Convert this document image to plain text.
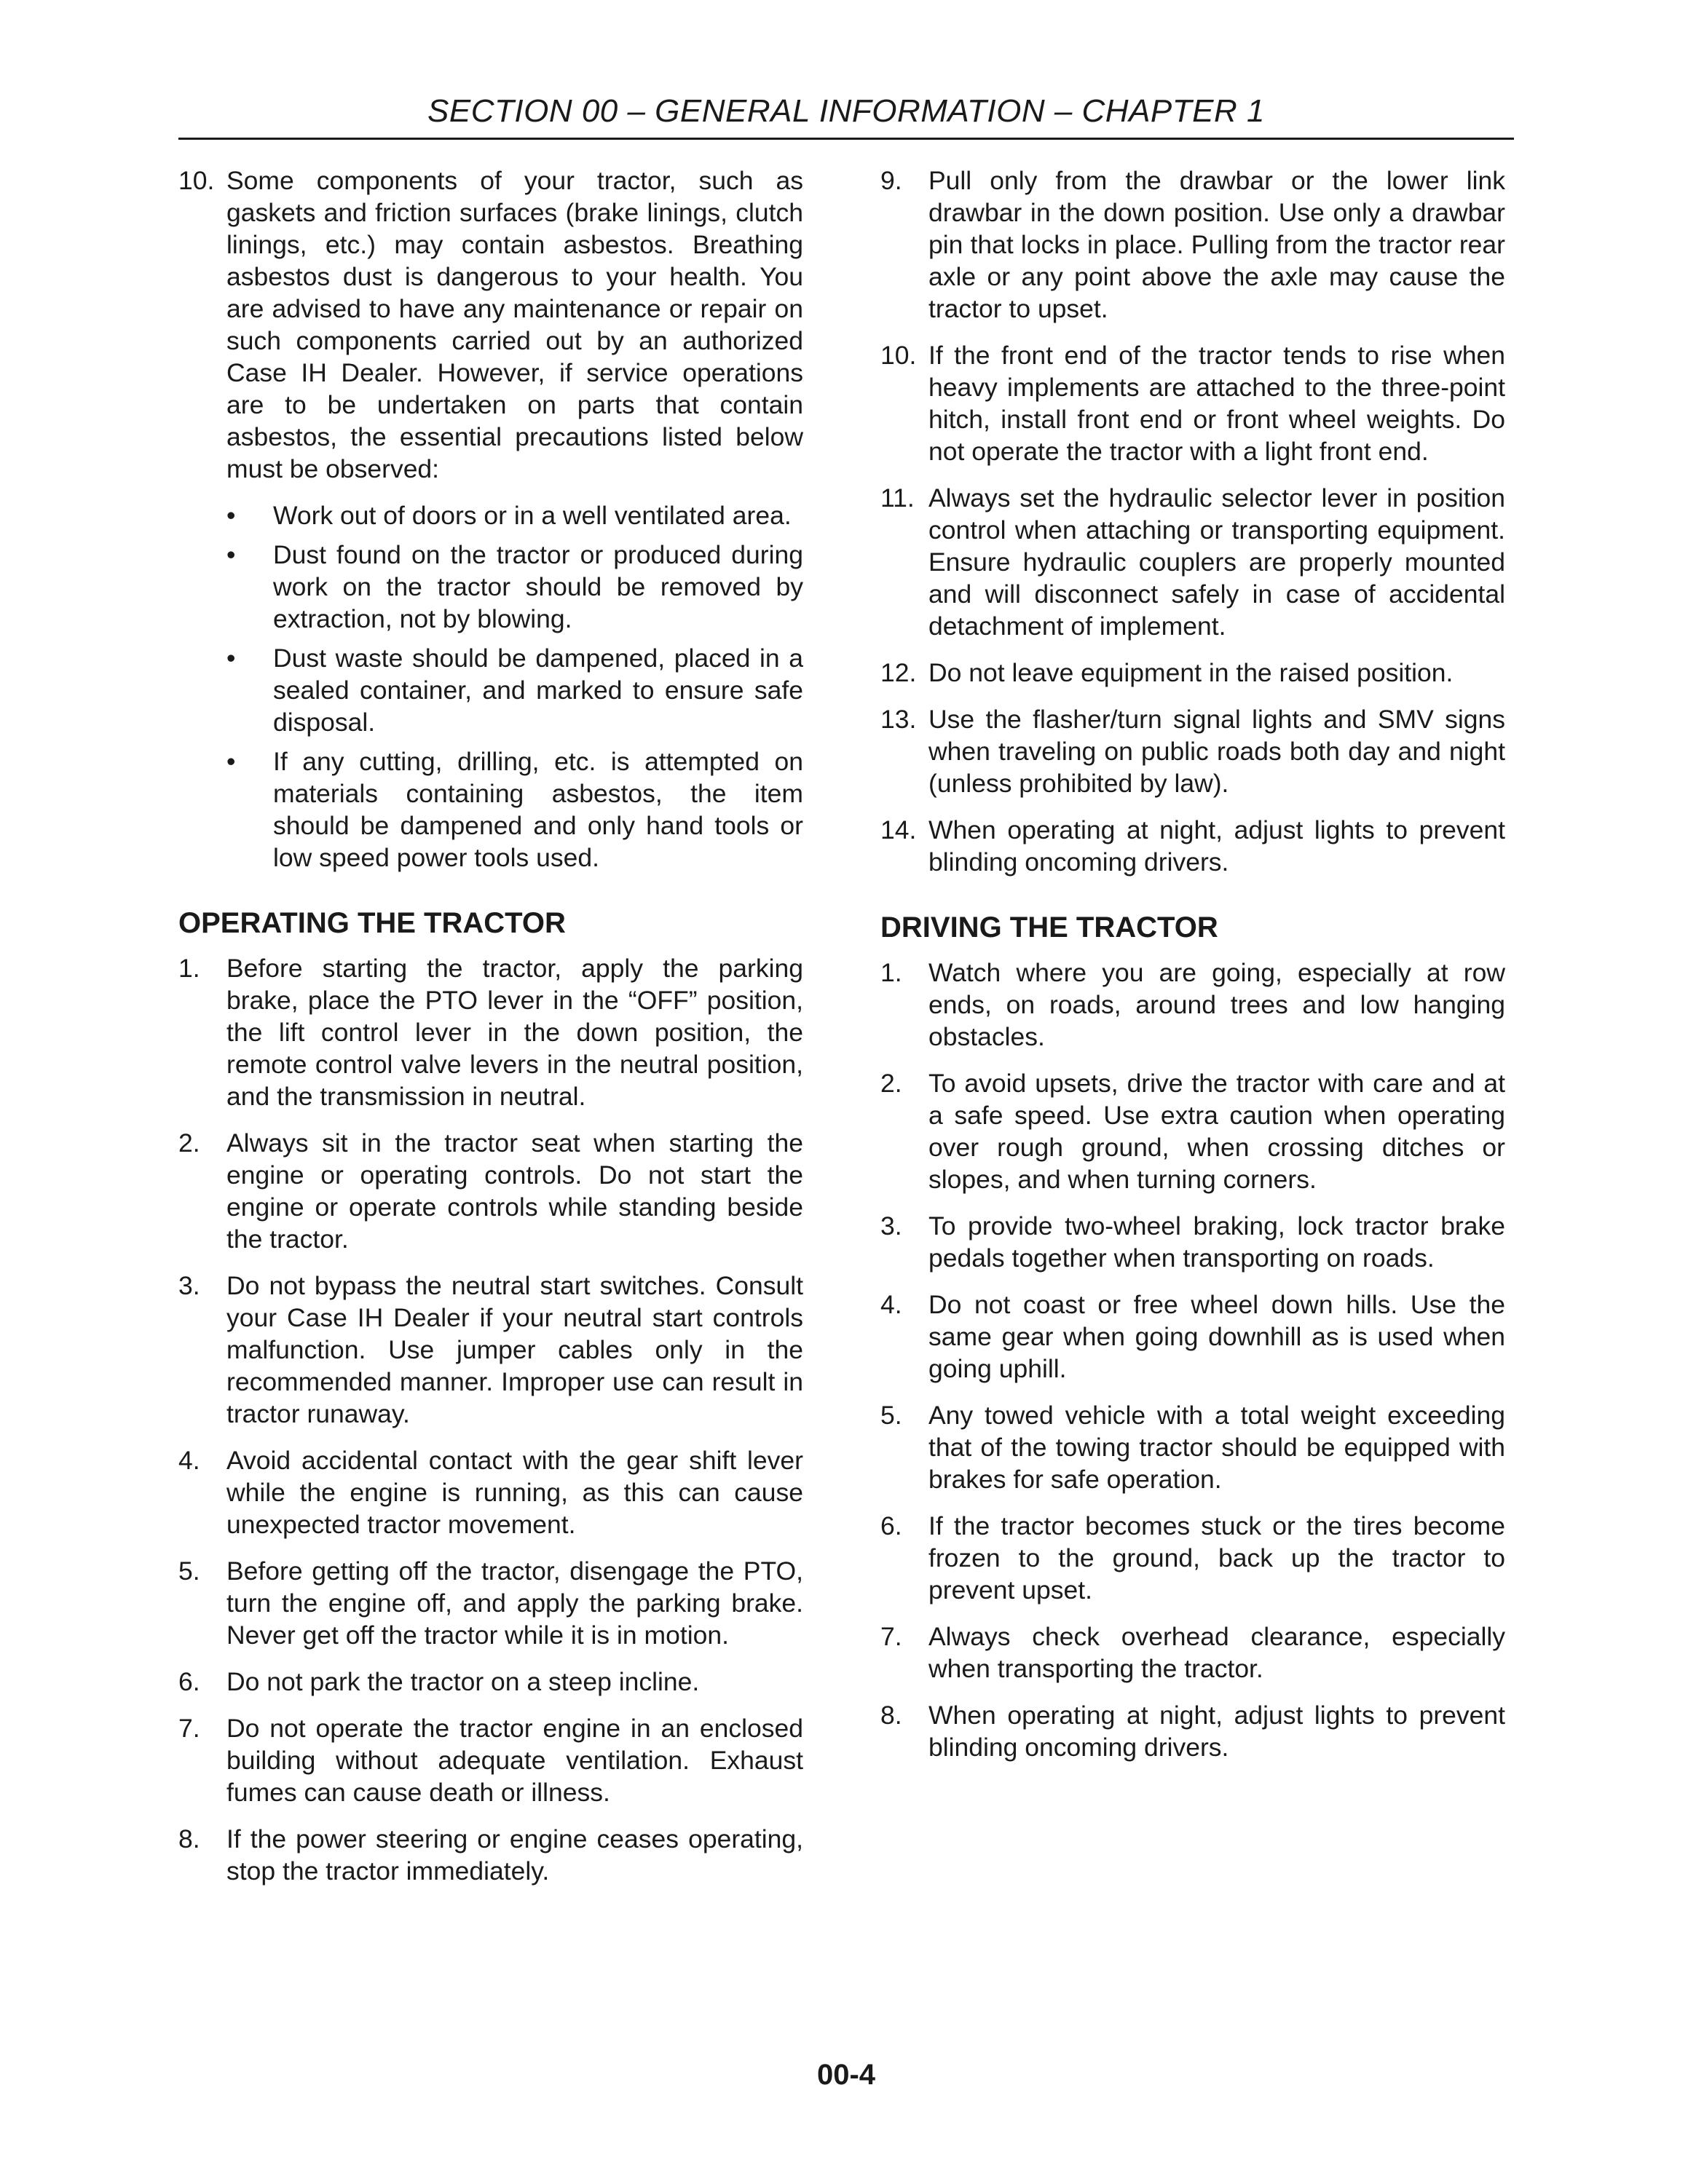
SECTION 00 – GENERAL INFORMATION – CHAPTER 1
10. Some components of your tractor, such as gaskets and friction surfaces (brake linings, clutch linings, etc.) may contain asbestos. Breathing asbestos dust is dangerous to your health. You are advised to have any maintenance or repair on such components carried out by an authorized Case IH Dealer. However, if service operations are to be undertaken on parts that contain asbestos, the essential precautions listed below must be observed:
•	Work out of doors or in a well ventilated area.
•	Dust found on the tractor or produced during work on the tractor should be removed by extraction, not by blowing.
•	Dust waste should be dampened, placed in a sealed container, and marked to ensure safe disposal.
•	If any cutting, drilling, etc. is attempted on materials containing asbestos, the item should be dampened and only hand tools or low speed power tools used.
OPERATING THE TRACTOR
1.	Before starting the tractor, apply the parking brake, place the PTO lever in the “OFF” position, the lift control lever in the down position, the remote control valve levers in the neutral position, and the transmission in neutral.
2.	Always sit in the tractor seat when starting the engine or operating controls. Do not start the engine or operate controls while standing beside the tractor.
3.	Do not bypass the neutral start switches. Consult your Case IH Dealer if your neutral start controls malfunction. Use jumper cables only in the recommended manner. Improper use can result in tractor runaway.
4.	Avoid accidental contact with the gear shift lever while the engine is running, as this can cause unexpected tractor movement.
5.	Before getting off the tractor, disengage the PTO, turn the engine off, and apply the parking brake. Never get off the tractor while it is in motion.
6.	Do not park the tractor on a steep incline.
7.	Do not operate the tractor engine in an enclosed building without adequate ventilation. Exhaust fumes can cause death or illness.
8.	If the power steering or engine ceases operating, stop the tractor immediately.
9.	Pull only from the drawbar or the lower link drawbar in the down position. Use only a drawbar pin that locks in place. Pulling from the tractor rear axle or any point above the axle may cause the tractor to upset.
10. If the front end of the tractor tends to rise when heavy implements are attached to the three-point hitch, install front end or front wheel weights. Do not operate the tractor with a light front end.
11. Always set the hydraulic selector lever in position control when attaching or transporting equipment. Ensure hydraulic couplers are properly mounted and will disconnect safely in case of accidental detachment of implement.
12. Do not leave equipment in the raised position.
13. Use the flasher/turn signal lights and SMV signs when traveling on public roads both day and night (unless prohibited by law).
14. When operating at night, adjust lights to prevent blinding oncoming drivers.
DRIVING THE TRACTOR
1.	Watch where you are going, especially at row ends, on roads, around trees and low hanging obstacles.
2.	To avoid upsets, drive the tractor with care and at a safe speed. Use extra caution when operating over rough ground, when crossing ditches or slopes, and when turning corners.
3.	To provide two-wheel braking, lock tractor brake pedals together when transporting on roads.
4.	Do not coast or free wheel down hills. Use the same gear when going downhill as is used when going uphill.
5.	Any towed vehicle with a total weight exceeding that of the towing tractor should be equipped with brakes for safe operation.
6.	If the tractor becomes stuck or the tires become frozen to the ground, back up the tractor to prevent upset.
7.	Always check overhead clearance, especially when transporting the tractor.
8.	When operating at night, adjust lights to prevent blinding oncoming drivers.
00-4
